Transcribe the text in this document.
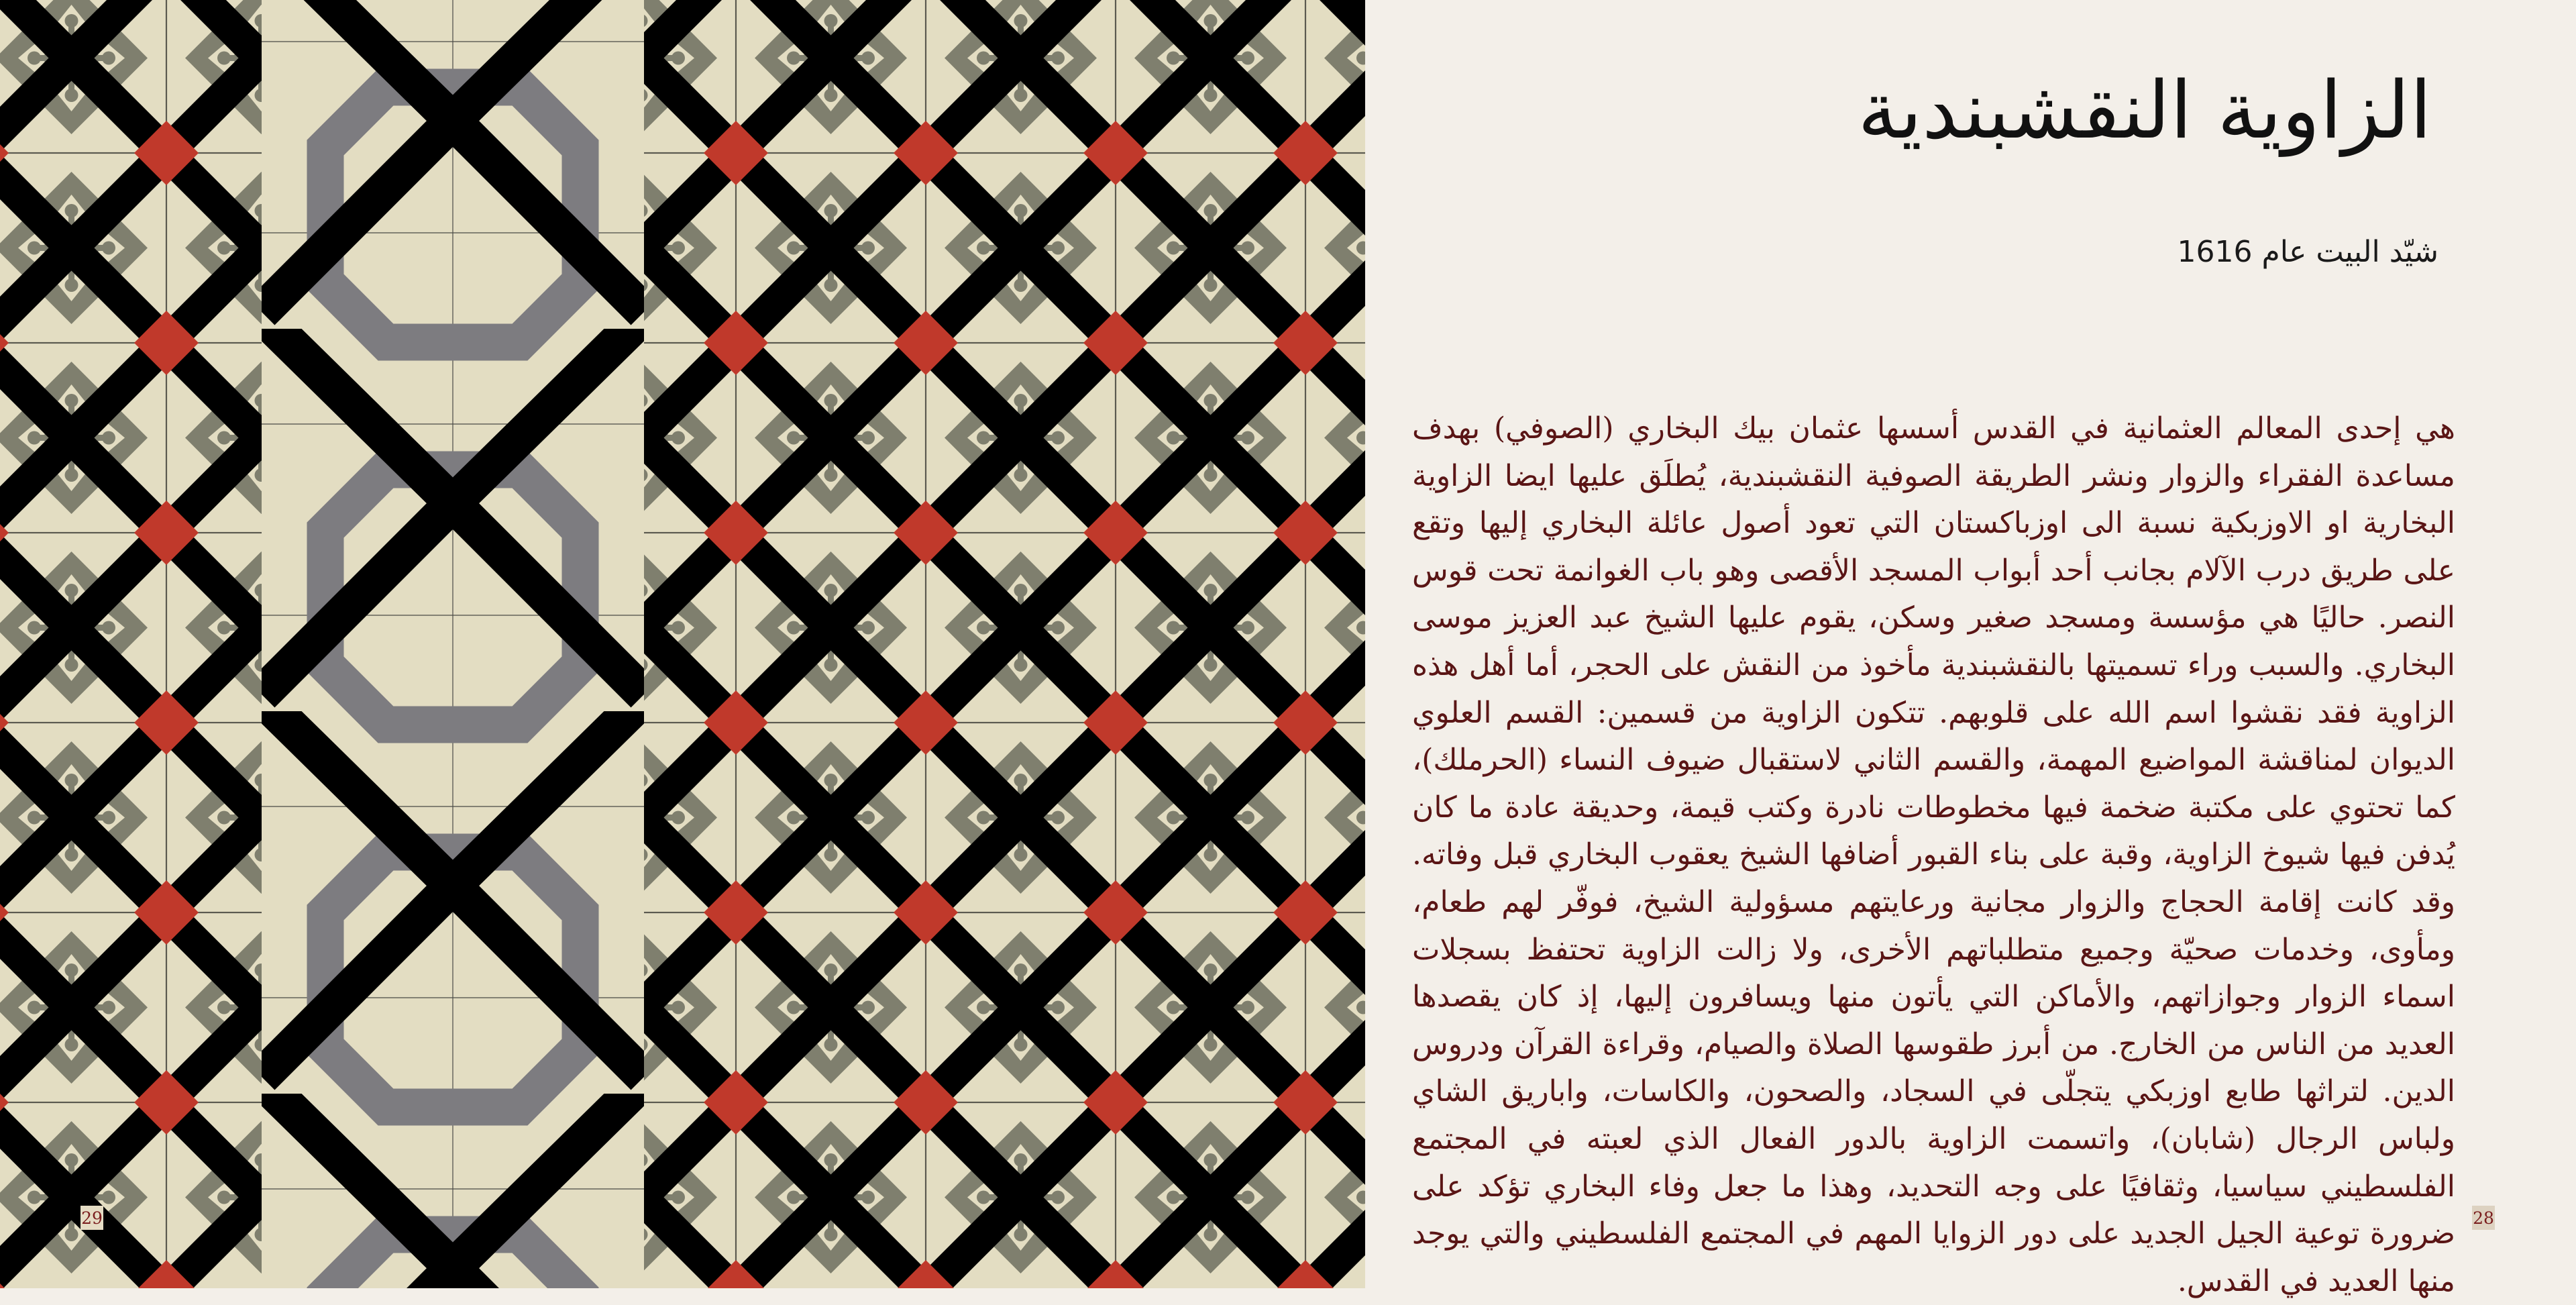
29
الزاوية النقشبندية
شيّد البيت عام 1616

هي إحدى المعالم العثمانية في القدس أسسها عثمان بيك البخاري (الصوفي) بهدف مساعدة الفقراء والزوار ونشر الطريقة الصوفية النقشبندية، يُطلَق عليها ايضا الزاوية البخارية او الاوزبكية نسبة الى اوزباكستان التي تعود أصول عائلة البخاري إليها وتقع على طريق درب الآلام بجانب أحد أبواب المسجد الأقصى وهو باب الغوانمة تحت قوس النصر. حاليًا هي مؤسسة ومسجد صغير وسكن، يقوم عليها الشيخ عبد العزيز موسى البخاري. والسبب وراء تسميتها بالنقشبندية مأخوذ من النقش على الحجر، أما أهل هذه الزاوية فقد نقشوا اسم الله على قلوبهم. تتكون الزاوية من قسمين: القسم العلوي الديوان لمناقشة المواضيع المهمة، والقسم الثاني لاستقبال ضيوف النساء (الحرملك)، كما تحتوي على مكتبة ضخمة فيها مخطوطات نادرة وكتب قيمة، وحديقة عادة ما كان يُدفن فيها شيوخ الزاوية، وقبة على بناء القبور أضافها الشيخ يعقوب البخاري قبل وفاته. وقد كانت إقامة الحجاج والزوار مجانية ورعايتهم مسؤولية الشيخ، فوفّر لهم طعام، ومأوى، وخدمات صحيّة وجميع متطلباتهم الأخرى، ولا زالت الزاوية تحتفظ بسجلات اسماء الزوار وجوازاتهم، والأماكن التي يأتون منها ويسافرون إليها، إذ كان يقصدها العديد من الناس من الخارج. من أبرز طقوسها الصلاة والصيام، وقراءة القرآن ودروس الدين. لتراثها طابع اوزبكي يتجلّى في السجاد، والصحون، والكاسات، واباريق الشاي ولباس الرجال (شابان)، واتسمت الزاوية بالدور الفعال الذي لعبته في المجتمع الفلسطيني سياسيا، وثقافيًا على وجه التحديد، وهذا ما جعل وفاء البخاري تؤكد على ضرورة توعية الجيل الجديد على دور الزوايا المهم في المجتمع الفلسطيني والتي يوجد منها العديد في القدس.

28
